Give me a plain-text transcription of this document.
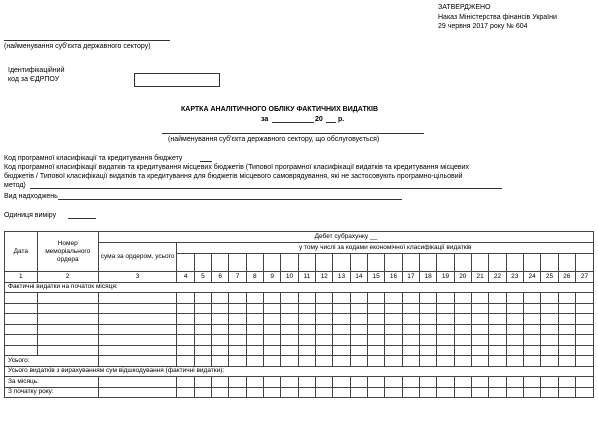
ЗАТВЕРДЖЕНО
Наказ Міністерства фінансів України
29 червня 2017 року № 604
(найменування суб'єкта державного сектору)
Ідентифікаційний
код за ЄДРПОУ
КАРТКА АНАЛІТИЧНОГО ОБЛІКУ ФАКТИЧНИХ ВИДАТКІВ
за	20 р.
(найменування суб'єкта державного сектору, що обслуговується)
Код програмної класифікації та кредитування бюджету
Код програмної класифікації видатків та кредитування місцевих бюджетів (Типової програмної класифікації видатків та кредитування місцевих
бюджетів / Типової класифікації видатків та кредитування для бюджетів місцевого самоврядування, які не застосовують програмно-цільовий
метод)
Вид надходжень
Одиниця виміру
Дата	Номер меморіального ордера	Дебет субрахунку __																								
		сума за ордером, усього	у тому числі за кодами економічної класифікації видатків																							

1	2	3	4	5	6	7	8	9	10	11	12	13	14	15	16	17	18	19	20	21	22	23	24	25	26	27
Фактичні видатки на початок місяця:																										

Усього:																										
Усього видатків з вирахуванням сум відшкодування (фактичні видатки):																										
За місяць:																										
З початку року:																										
